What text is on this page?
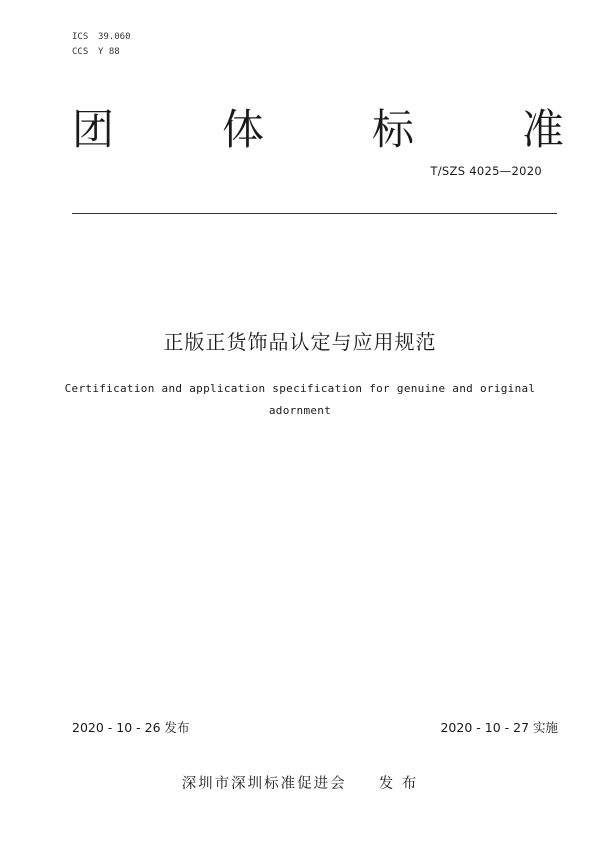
ICS	39.060
CCS	Y 88
团	体	标	准
T/SZS 4025—2020
正版正货饰品认定与应用规范
Certification and application specification for genuine and original adornment
2020 - 10 - 26 发布	2020 - 10 - 27 实施
深圳市深圳标准促进会 发 布
